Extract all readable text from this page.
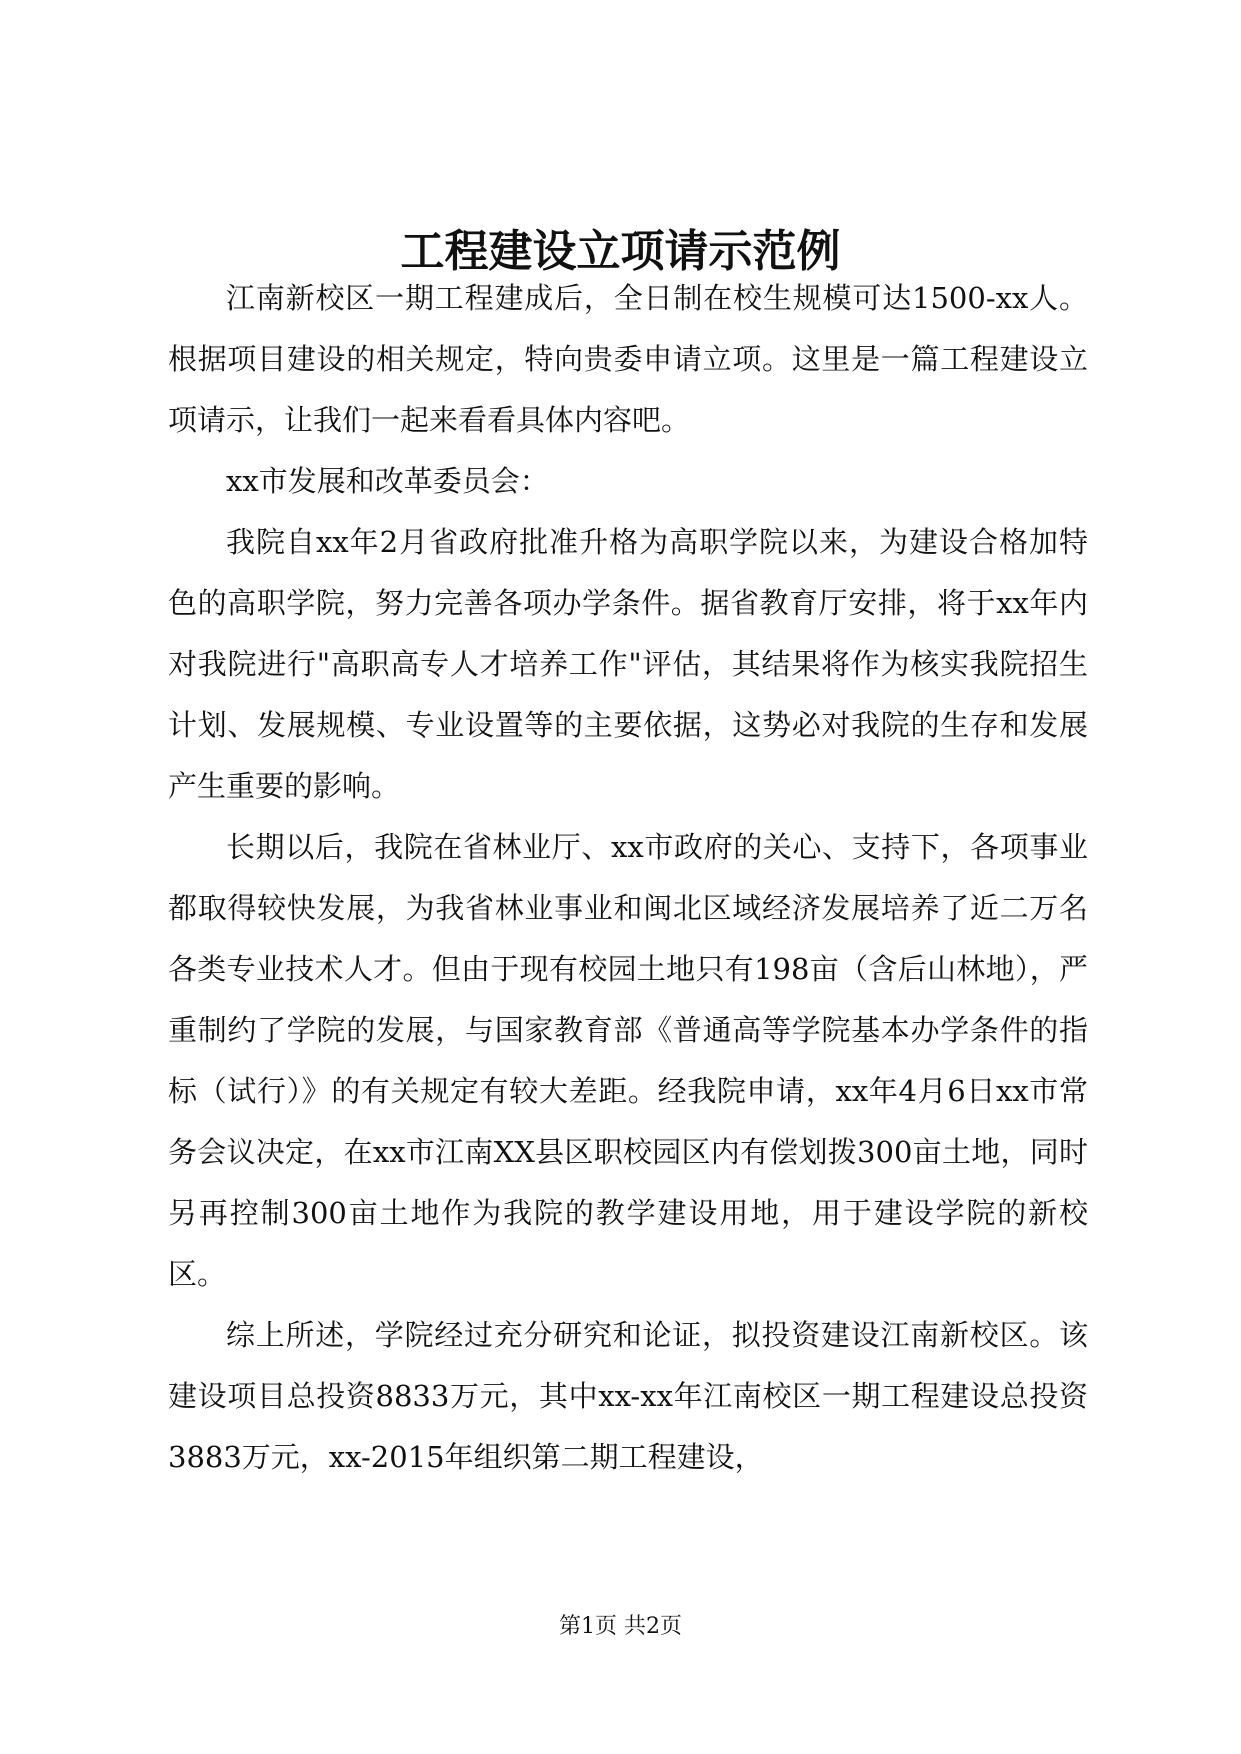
工程建设立项请示范例

江南新校区一期工程建成后，全日制在校生规模可达1500-xx人。根据项目建设的相关规定，特向贵委申请立项。这里是一篇工程建设立项请示，让我们一起来看看具体内容吧。

xx市发展和改革委员会：

我院自xx年2月省政府批准升格为高职学院以来，为建设合格加特色的高职学院，努力完善各项办学条件。据省教育厅安排，将于xx年内对我院进行"高职高专人才培养工作"评估，其结果将作为核实我院招生计划、发展规模、专业设置等的主要依据，这势必对我院的生存和发展产生重要的影响。

长期以后，我院在省林业厅、xx市政府的关心、支持下，各项事业都取得较快发展，为我省林业事业和闽北区域经济发展培养了近二万名各类专业技术人才。但由于现有校园土地只有198亩（含后山林地），严重制约了学院的发展，与国家教育部《普通高等学院基本办学条件的指标（试行）》的有关规定有较大差距。经我院申请，xx年4月6日xx市常务会议决定，在xx市江南XX县区职校园区内有偿划拨300亩土地，同时另再控制300亩土地作为我院的教学建设用地，用于建设学院的新校区。

综上所述，学院经过充分研究和论证，拟投资建设江南新校区。该建设项目总投资8833万元，其中xx-xx年江南校区一期工程建设总投资3883万元，xx-2015年组织第二期工程建设，

第1页 共2页
